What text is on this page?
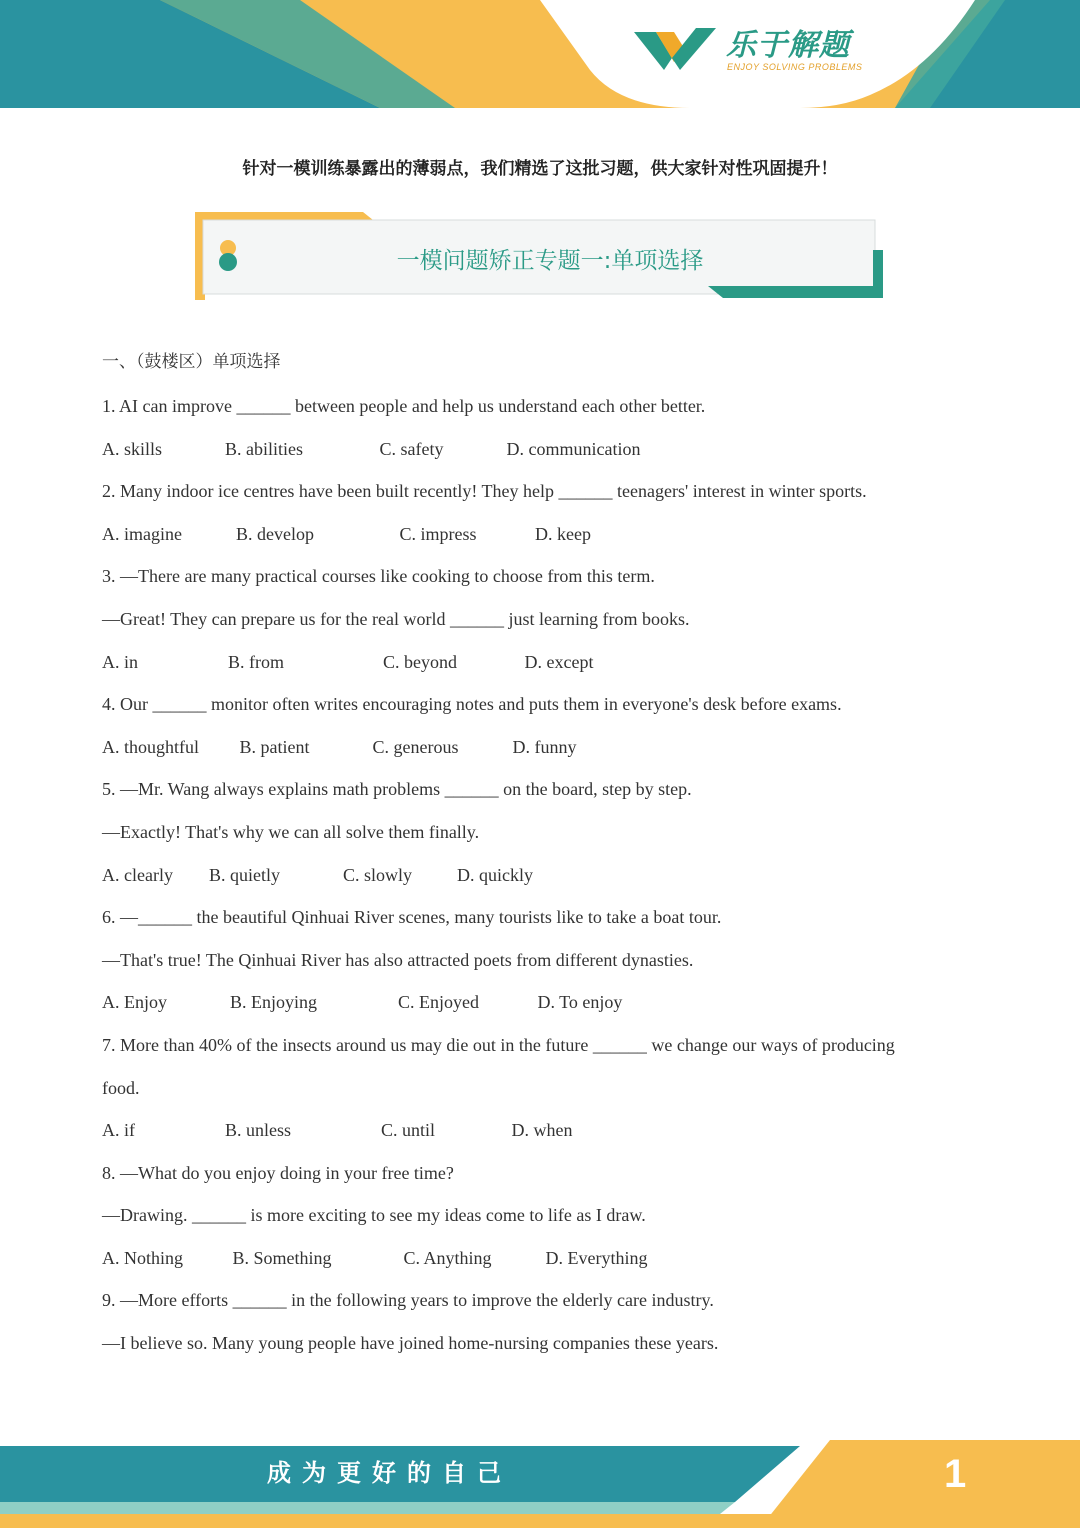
乐于解题
ENJOY SOLVING PROBLEMS
针对一模训练暴露出的薄弱点，我们精选了这批习题，供大家针对性巩固提升！
一模问题矫正专题一:单项选择
一、（鼓楼区）单项选择
1. AI can improve ______ between people and help us understand each other better.
A. skills              B. abilities                 C. safety              D. communication
2. Many indoor ice centres have been built recently! They help ______ teenagers' interest in winter sports.
A. imagine            B. develop                   C. impress             D. keep
3. —There are many practical courses like cooking to choose from this term.
—Great! They can prepare us for the real world ______ just learning from books.
A. in                    B. from                      C. beyond               D. except
4. Our ______ monitor often writes encouraging notes and puts them in everyone's desk before exams.
A. thoughtful         B. patient              C. generous            D. funny
5. —Mr. Wang always explains math problems ______ on the board, step by step.
—Exactly! That's why we can all solve them finally.
A. clearly        B. quietly              C. slowly          D. quickly
6. —______ the beautiful Qinhuai River scenes, many tourists like to take a boat tour.
—That's true! The Qinhuai River has also attracted poets from different dynasties.
A. Enjoy              B. Enjoying                  C. Enjoyed             D. To enjoy
7. More than 40% of the insects around us may die out in the future ______ we change our ways of producing
food.
A. if                    B. unless                    C. until                 D. when
8. —What do you enjoy doing in your free time?
—Drawing. ______ is more exciting to see my ideas come to life as I draw.
A. Nothing           B. Something                C. Anything            D. Everything
9. —More efforts ______ in the following years to improve the elderly care industry.
—I believe so. Many young people have joined home-nursing companies these years.
成为更好的自己	1
